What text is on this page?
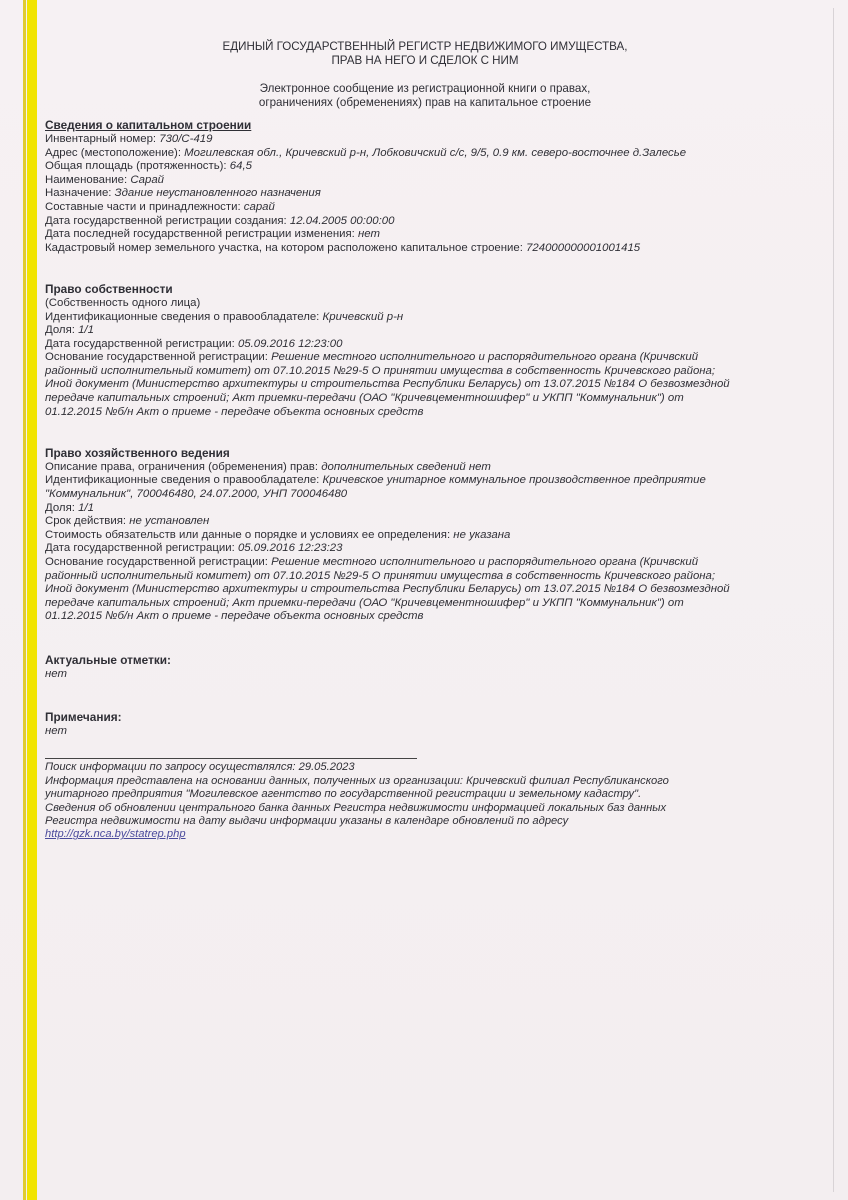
ЕДИНЫЙ ГОСУДАРСТВЕННЫЙ РЕГИСТР НЕДВИЖИМОГО ИМУЩЕСТВА,
ПРАВ НА НЕГО И СДЕЛОК С НИМ
Электронное сообщение из регистрационной книги о правах,
ограничениях (обременениях) прав на капитальное строение
Сведения о капитальном строении
Инвентарный номер: 730/С-419
Адрес (местоположение): Могилевская обл., Кричевский р-н, Лобковичский с/с, 9/5, 0.9 км. северо-восточнее д.Залесье
Общая площадь (протяженность): 64,5
Наименование: Сарай
Назначение: Здание неустановленного назначения
Составные части и принадлежности: сарай
Дата государственной регистрации создания: 12.04.2005 00:00:00
Дата последней государственной регистрации изменения: нет
Кадастровый номер земельного участка, на котором расположено капитальное строение: 724000000001001415
Право собственности
(Собственность одного лица)
Идентификационные сведения о правообладателе: Кричевский р-н
Доля: 1/1
Дата государственной регистрации: 05.09.2016 12:23:00
Основание государственной регистрации: Решение местного исполнительного и распорядительного органа (Кричвский
районный исполнительный комитет) от 07.10.2015 №29-5 О принятии имущества в собственность Кричевского района;
Иной документ (Министерство архитектуры и строительства Республики Беларусь) от 13.07.2015 №184 О безвозмездной
передаче капитальных строений; Акт приемки-передачи (ОАО "Кричевцементношифер" и УКПП "Коммунальник") от
01.12.2015 №б/н Акт о приеме - передаче объекта основных средств
Право хозяйственного ведения
Описание права, ограничения (обременения) прав: дополнительных сведений нет
Идентификационные сведения о правообладателе: Кричевское унитарное коммунальное производственное предприятие
"Коммунальник", 700046480, 24.07.2000, УНП 700046480
Доля: 1/1
Срок действия: не установлен
Стоимость обязательств или данные о порядке и условиях ее определения: не указана
Дата государственной регистрации: 05.09.2016 12:23:23
Основание государственной регистрации: Решение местного исполнительного и распорядительного органа (Кричвский
районный исполнительный комитет) от 07.10.2015 №29-5 О принятии имущества в собственность Кричевского района;
Иной документ (Министерство архитектуры и строительства Республики Беларусь) от 13.07.2015 №184 О безвозмездной
передаче капитальных строений; Акт приемки-передачи (ОАО "Кричевцементношифер" и УКПП "Коммунальник") от
01.12.2015 №б/н Акт о приеме - передаче объекта основных средств
Актуальные отметки:
нет
Примечания:
нет
Поиск информации по запросу осуществлялся: 29.05.2023
Информация представлена на основании данных, полученных из организации: Кричевский филиал Республиканского
унитарного предприятия "Могилевское агентство по государственной регистрации и земельному кадастру".
Сведения об обновлении центрального банка данных Регистра недвижимости информацией локальных баз данных
Регистра недвижимости на дату выдачи информации указаны в календаре обновлений по адресу
http://gzk.nca.by/statrep.php
